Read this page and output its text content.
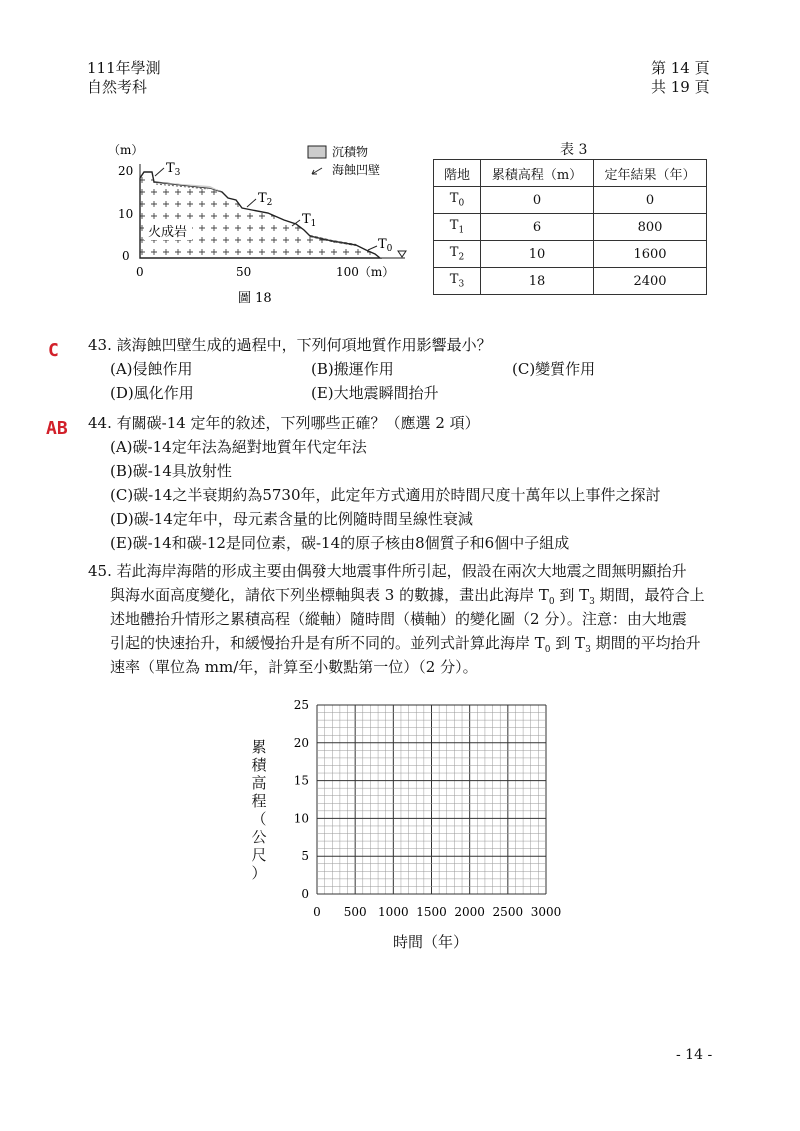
111年學測
自然考科
第 14 頁
共 19 頁
（m）
20
10
0
火成岩
$T_3$
$T_2$
$T_1$
$T_0$
0	50	100（m）
圖 18
沉積物
海蝕凹壁
表 3
階地	累積高程（m）	定年結果（年）
$T_0$	0	0
$T_1$	6	800
$T_2$	10	1600
$T_3$	18	2400
C 43. 該海蝕凹壁生成的過程中，下列何項地質作用影響最小？
(A)侵蝕作用	(B)搬運作用	(C)變質作用
(D)風化作用	(E)大地震瞬間抬升
AB 44. 有關碳-14 定年的敘述，下列哪些正確？（應選 2 項）
(A)碳-14定年法為絕對地質年代定年法
(B)碳-14具放射性
(C)碳-14之半衰期約為5730年，此定年方式適用於時間尺度十萬年以上事件之探討
(D)碳-14定年中，母元素含量的比例隨時間呈線性衰減
(E)碳-14和碳-12是同位素，碳-14的原子核由8個質子和6個中子組成
45. 若此海岸海階的形成主要由偶發大地震事件所引起，假設在兩次大地震之間無明顯抬升
與海水面高度變化，請依下列坐標軸與表 3 的數據，畫出此海岸 $T_0$ 到 $T_3$ 期間，最符合上
述地體抬升情形之累積高程（縱軸）隨時間（橫軸）的變化圖（2 分）。注意：由大地震
引起的快速抬升，和緩慢抬升是有所不同的。並列式計算此海岸 $T_0$ 到 $T_3$ 期間的平均抬升
速率（單位為 mm/年，計算至小數點第一位）（2 分）。
累
積
高
程
（
公
尺
）
25
20
15
10
5
0
0 500 1000 1500 2000 2500 3000
時間（年）
- 14 -
